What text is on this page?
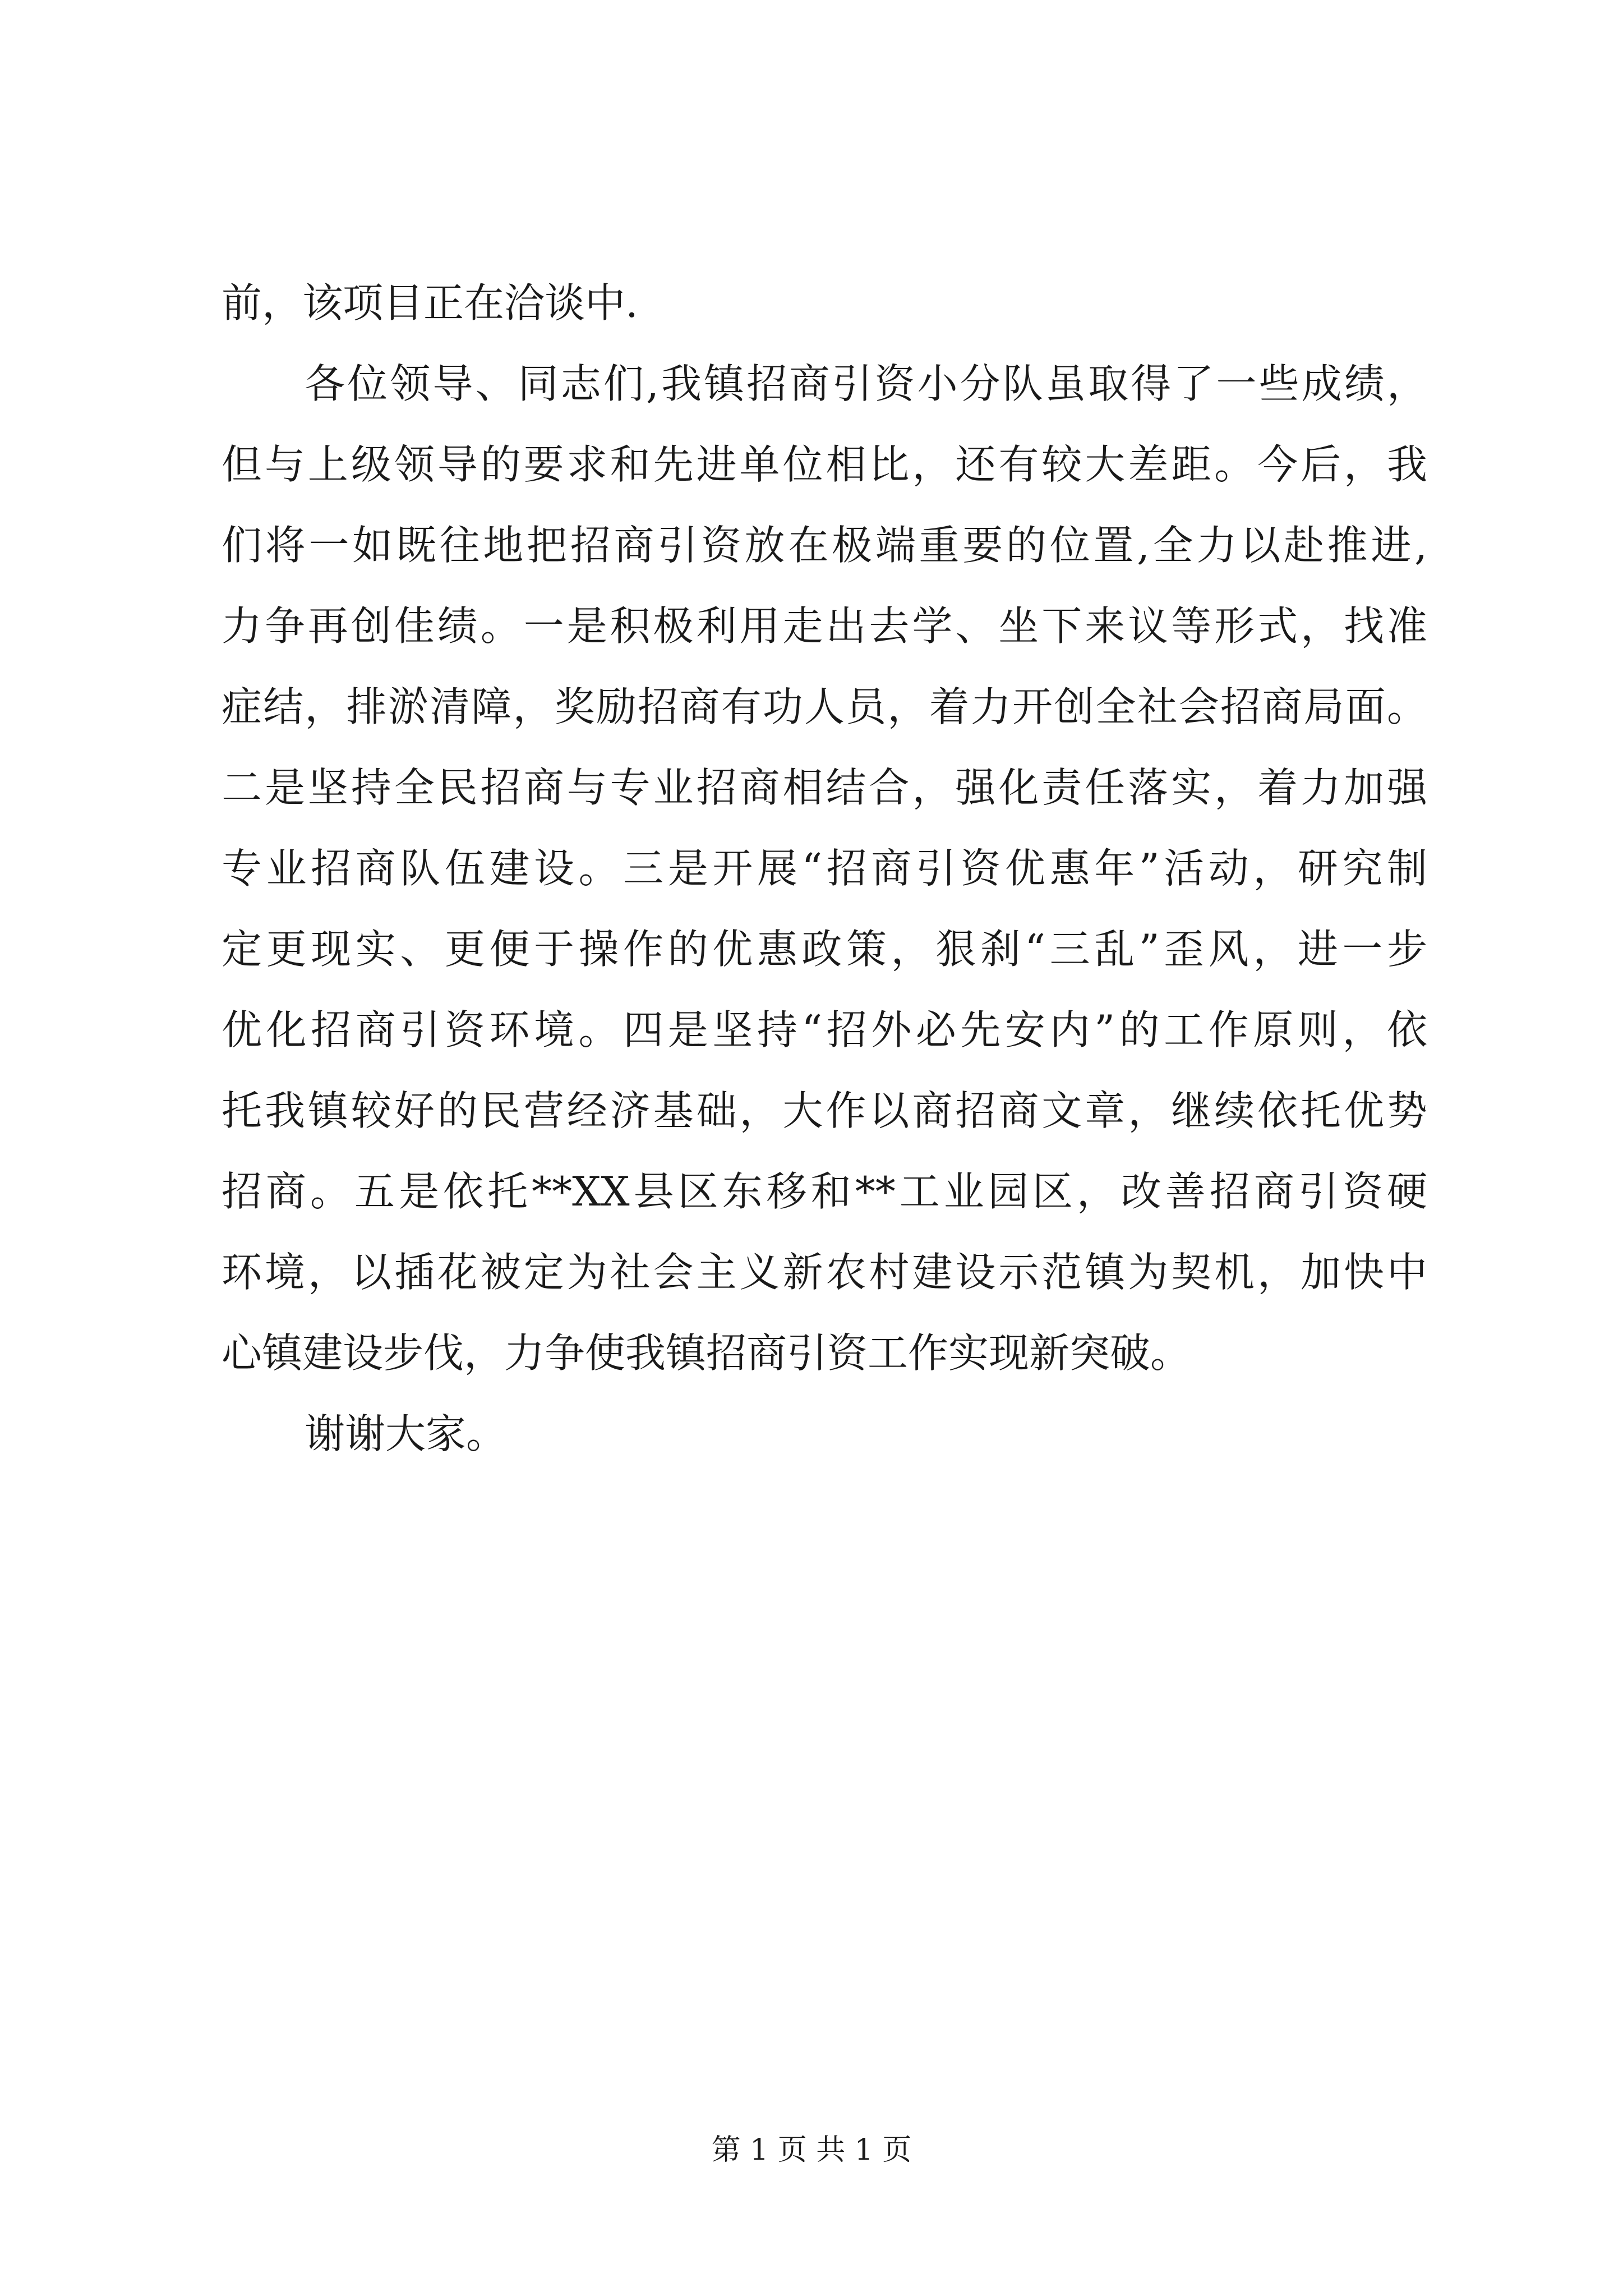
前，该项目正在洽谈中.
各位领导、同志们,我镇招商引资小分队虽取得了一些成绩，
但与上级领导的要求和先进单位相比，还有较大差距。今后，我
们将一如既往地把招商引资放在极端重要的位置,全力以赴推进,
力争再创佳绩。一是积极利用走出去学、坐下来议等形式，找准
症结，排淤清障，奖励招商有功人员，着力开创全社会招商局面。
二是坚持全民招商与专业招商相结合，强化责任落实，着力加强
专业招商队伍建设。三是开展“招商引资优惠年”活动，研究制
定更现实、更便于操作的优惠政策，狠刹“三乱”歪风，进一步
优化招商引资环境。四是坚持“招外必先安内”的工作原则，依
托我镇较好的民营经济基础，大作以商招商文章，继续依托优势
招商。五是依托**XX县区东移和**工业园区，改善招商引资硬
环境，以插花被定为社会主义新农村建设示范镇为契机，加快中
心镇建设步伐，力争使我镇招商引资工作实现新突破。
谢谢大家。
第 1 页 共 1 页
